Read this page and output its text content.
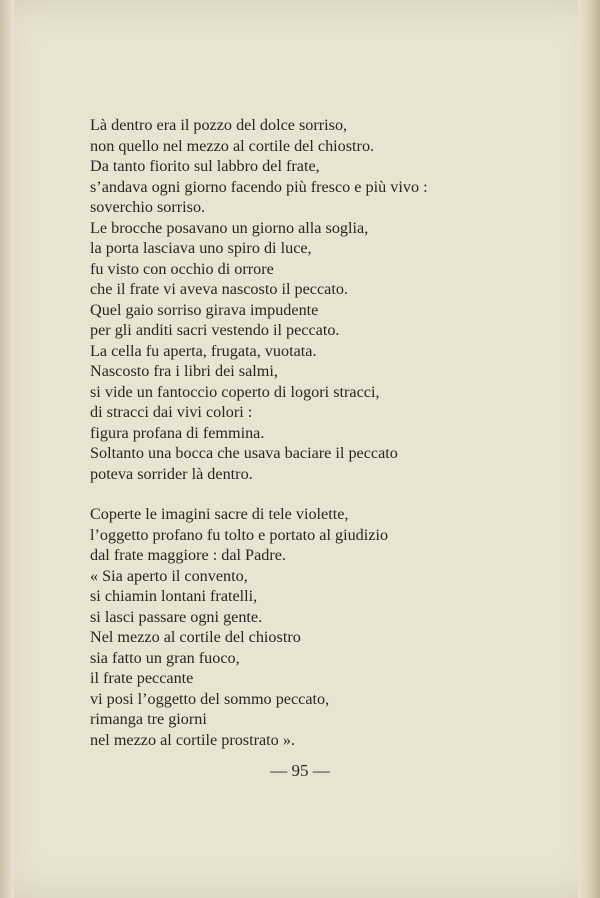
Là dentro era il pozzo del dolce sorriso,
non quello nel mezzo al cortile del chiostro.
Da tanto fiorito sul labbro del frate,
s’andava ogni giorno facendo più fresco e più vivo :
soverchio sorriso.
Le brocche posavano un giorno alla soglia,
la porta lasciava uno spiro di luce,
fu visto con occhio di orrore
che il frate vi aveva nascosto il peccato.
Quel gaio sorriso girava impudente
per gli anditi sacri vestendo il peccato.
La cella fu aperta, frugata, vuotata.
Nascosto fra i libri dei salmi,
si vide un fantoccio coperto di logori stracci,
di stracci dai vivi colori :
figura profana di femmina.
Soltanto una bocca che usava baciare il peccato
poteva sorrider là dentro.

Coperte le imagini sacre di tele violette,
l’oggetto profano fu tolto e portato al giudizio
dal frate maggiore : dal Padre.
« Sia aperto il convento,
si chiamin lontani fratelli,
si lasci passare ogni gente.
Nel mezzo al cortile del chiostro
sia fatto un gran fuoco,
il frate peccante
vi posi l’oggetto del sommo peccato,
rimanga tre giorni
nel mezzo al cortile prostrato ».

— 95 —
